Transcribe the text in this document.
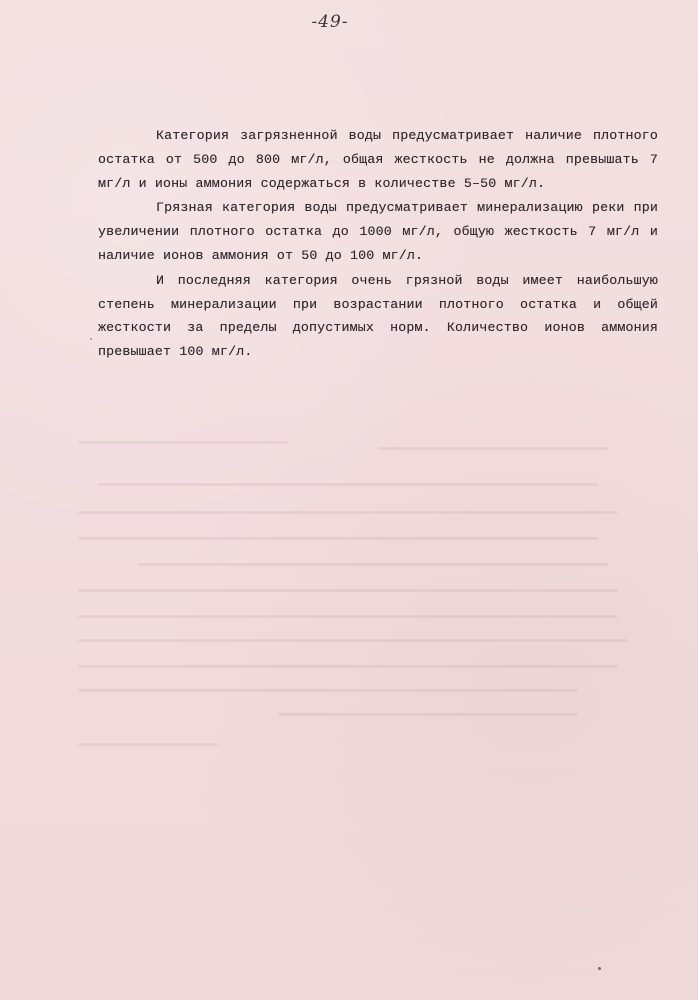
-49-

Категория загрязненной воды предусматривает наличие плотного остатка от 500 до 800 мг/л, общая жесткость не должна превышать 7 мг/л и ионы аммония содержаться в количестве 5–50 мг/л.

Грязная категория воды предусматривает минерализацию реки при увеличении плотного остатка до 1000 мг/л, общую жесткость 7 мг/л и наличие ионов аммония от 50 до 100 мг/л.

И последняя категория очень грязной воды имеет наибольшую степень минерализации при возрастании плотного остатка и общей жесткости за пределы допустимых норм. Количество ионов аммония превышает 100 мг/л.
